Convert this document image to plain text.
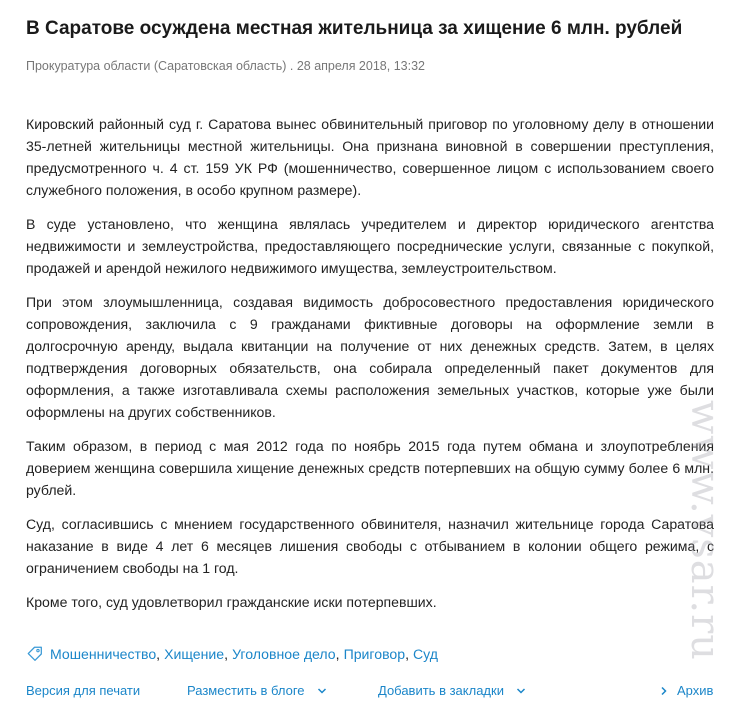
В Саратове осуждена местная жительница за хищение 6 млн. рублей
Прокуратура области (Саратовская область) . 28 апреля 2018, 13:32

Кировский районный суд г. Саратова вынес обвинительный приговор по уголовному делу в отношении 35-летней жительницы местной жительницы. Она признана виновной в совершении преступления, предусмотренного ч. 4 ст. 159 УК РФ (мошенничество, совершенное лицом с использованием своего служебного положения, в особо крупном размере).

В суде установлено, что женщина являлась учредителем и директор юридического агентства недвижимости и землеустройства, предоставляющего посреднические услуги, связанные с покупкой, продажей и арендой нежилого недвижимого имущества, землеустроительством.

При этом злоумышленница, создавая видимость добросовестного предоставления юридического сопровождения, заключила с 9 гражданами фиктивные договоры на оформление земли в долгосрочную аренду, выдала квитанции на получение от них денежных средств. Затем, в целях подтверждения договорных обязательств, она собирала определенный пакет документов для оформления, а также изготавливала схемы расположения земельных участков, которые уже были оформлены на других собственников.

Таким образом, в период с мая 2012 года по ноябрь 2015 года путем обмана и злоупотребления доверием женщина совершила хищение денежных средств потерпевших на общую сумму более 6 млн. рублей.

Суд, согласившись с мнением государственного обвинителя, назначил жительнице города Саратова наказание в виде 4 лет 6 месяцев лишения свободы с отбыванием в колонии общего режима, с ограничением свободы на 1 год.

Кроме того, суд удовлетворил гражданские иски потерпевших.

Мошенничество , Хищение , Уголовное дело , Приговор , Суд
Версия для печати	Разместить в блоге	Добавить в закладки	Архив
www.vsar.ru
